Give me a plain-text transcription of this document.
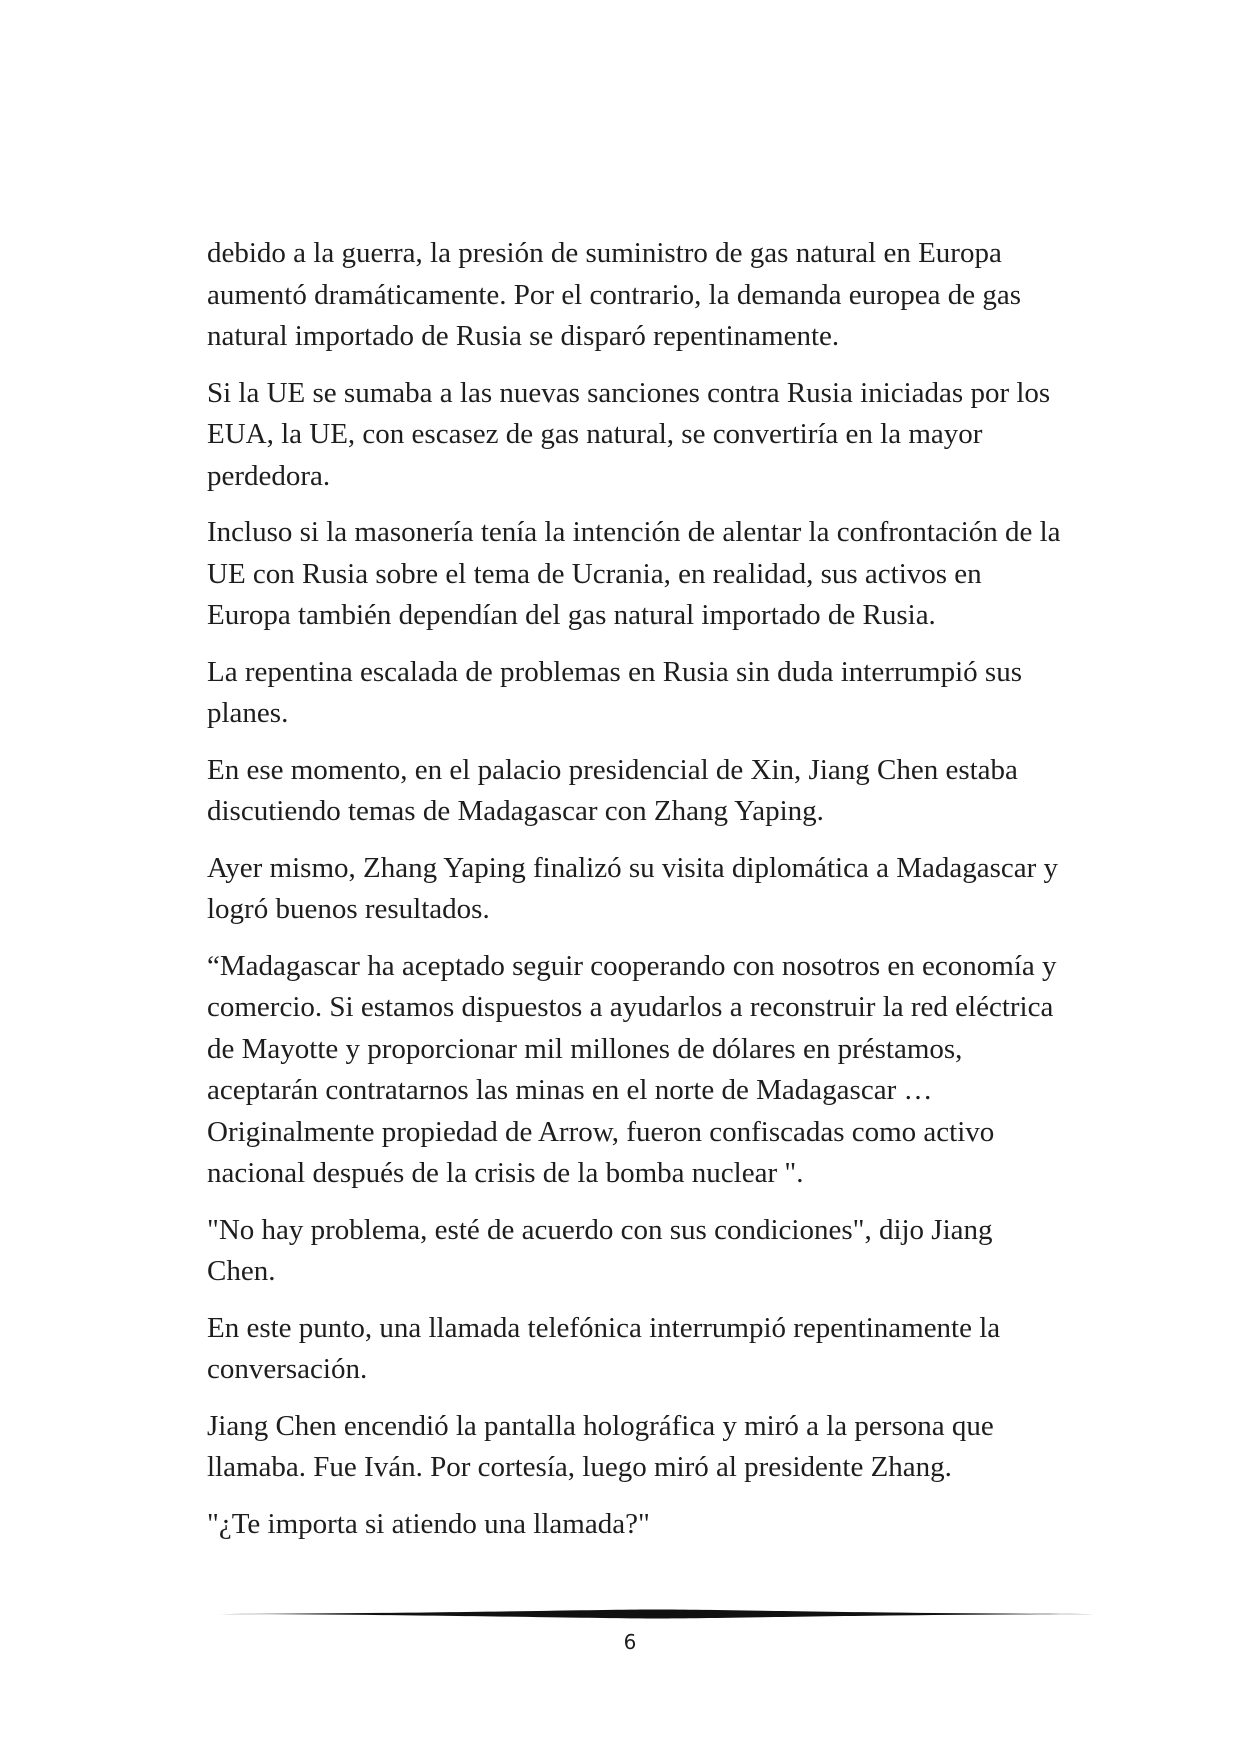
debido a la guerra, la presión de suministro de gas natural en Europa aumentó dramáticamente. Por el contrario, la demanda europea de gas natural importado de Rusia se disparó repentinamente.

Si la UE se sumaba a las nuevas sanciones contra Rusia iniciadas por los EUA, la UE, con escasez de gas natural, se convertiría en la mayor perdedora.

Incluso si la masonería tenía la intención de alentar la confrontación de la UE con Rusia sobre el tema de Ucrania, en realidad, sus activos en Europa también dependían del gas natural importado de Rusia.

La repentina escalada de problemas en Rusia sin duda interrumpió sus planes.

En ese momento, en el palacio presidencial de Xin, Jiang Chen estaba discutiendo temas de Madagascar con Zhang Yaping.

Ayer mismo, Zhang Yaping finalizó su visita diplomática a Madagascar y logró buenos resultados.

“Madagascar ha aceptado seguir cooperando con nosotros en economía y comercio. Si estamos dispuestos a ayudarlos a reconstruir la red eléctrica de Mayotte y proporcionar mil millones de dólares en préstamos, aceptarán contratarnos las minas en el norte de Madagascar … Originalmente propiedad de Arrow, fueron confiscadas como activo nacional después de la crisis de la bomba nuclear ".

"No hay problema, esté de acuerdo con sus condiciones", dijo Jiang Chen.

En este punto, una llamada telefónica interrumpió repentinamente la conversación.

Jiang Chen encendió la pantalla holográfica y miró a la persona que llamaba. Fue Iván. Por cortesía, luego miró al presidente Zhang.

"¿Te importa si atiendo una llamada?"

6
